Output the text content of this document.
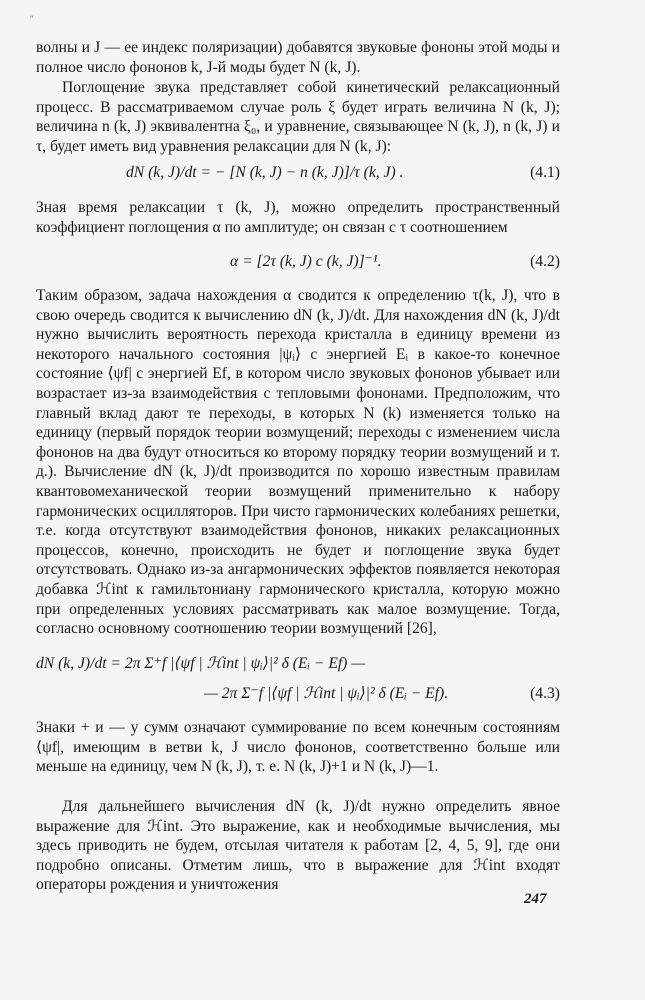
ʺ

волны и J — ее индекс поляризации) добавятся звуковые фононы этой моды и полное число фононов k, J-й моды будет N (k, J).

Поглощение звука представляет собой кинетический релаксационный процесс. В рассматриваемом случае роль ξ будет играть величина N (k, J); величина n (k, J) эквивалентна ξ₀, и уравнение, связывающее N (k, J), n (k, J) и τ, будет иметь вид уравнения релаксации для N (k, J):

dN (k, J)/dt = − [N (k, J) − n (k, J)]/τ (k, J) .	(4.1)

Зная время релаксации τ (k, J), можно определить пространственный коэффициент поглощения α по амплитуде; он связан с τ соотношением

α = [2τ (k, J) c (k, J)]⁻¹.	(4.2)

Таким образом, задача нахождения α сводится к определению τ(k, J), что в свою очередь сводится к вычислению dN (k, J)/dt. Для нахождения dN (k, J)/dt нужно вычислить вероятность перехода кристалла в единицу времени из некоторого начального состояния |ψᵢ⟩ с энергией Eᵢ в какое-то конечное состояние ⟨ψf| с энергией Ef, в котором число звуковых фононов убывает или возрастает из-за взаимодействия с тепловыми фононами. Предположим, что главный вклад дают те переходы, в которых N (k) изменяется только на единицу (первый порядок теории возмущений; переходы с изменением числа фононов на два будут относиться ко второму порядку теории возмущений и т. д.). Вычисление dN (k, J)/dt производится по хорошо известным правилам квантовомеханической теории возмущений применительно к набору гармонических осцилляторов. При чисто гармонических колебаниях решетки, т.е. когда отсутствуют взаимодействия фононов, никаких релаксационных процессов, конечно, происходить не будет и поглощение звука будет отсутствовать. Однако из-за ангармонических эффектов появляется некоторая добавка ℋint к гамильтониану гармонического кристалла, которую можно при определенных условиях рассматривать как малое возмущение. Тогда, согласно основному соотношению теории возмущений [26],

dN (k, J)/dt = 2π Σ⁺f |⟨ψf | ℋint | ψᵢ⟩|² δ (Eᵢ − Ef) —
— 2π Σ⁻f |⟨ψf | ℋint | ψᵢ⟩|² δ (Eᵢ − Ef).	(4.3)

Знаки + и — у сумм означают суммирование по всем конечным состояниям ⟨ψf|, имеющим в ветви k, J число фононов, соответственно больше или меньше на единицу, чем N (k, J), т. е. N (k, J)+1 и N (k, J)—1.

Для дальнейшего вычисления dN (k, J)/dt нужно определить явное выражение для ℋint. Это выражение, как и необходимые вычисления, мы здесь приводить не будем, отсылая читателя к работам [2, 4, 5, 9], где они подробно описаны. Отметим лишь, что в выражение для ℋint входят операторы рождения и уничтожения

247
